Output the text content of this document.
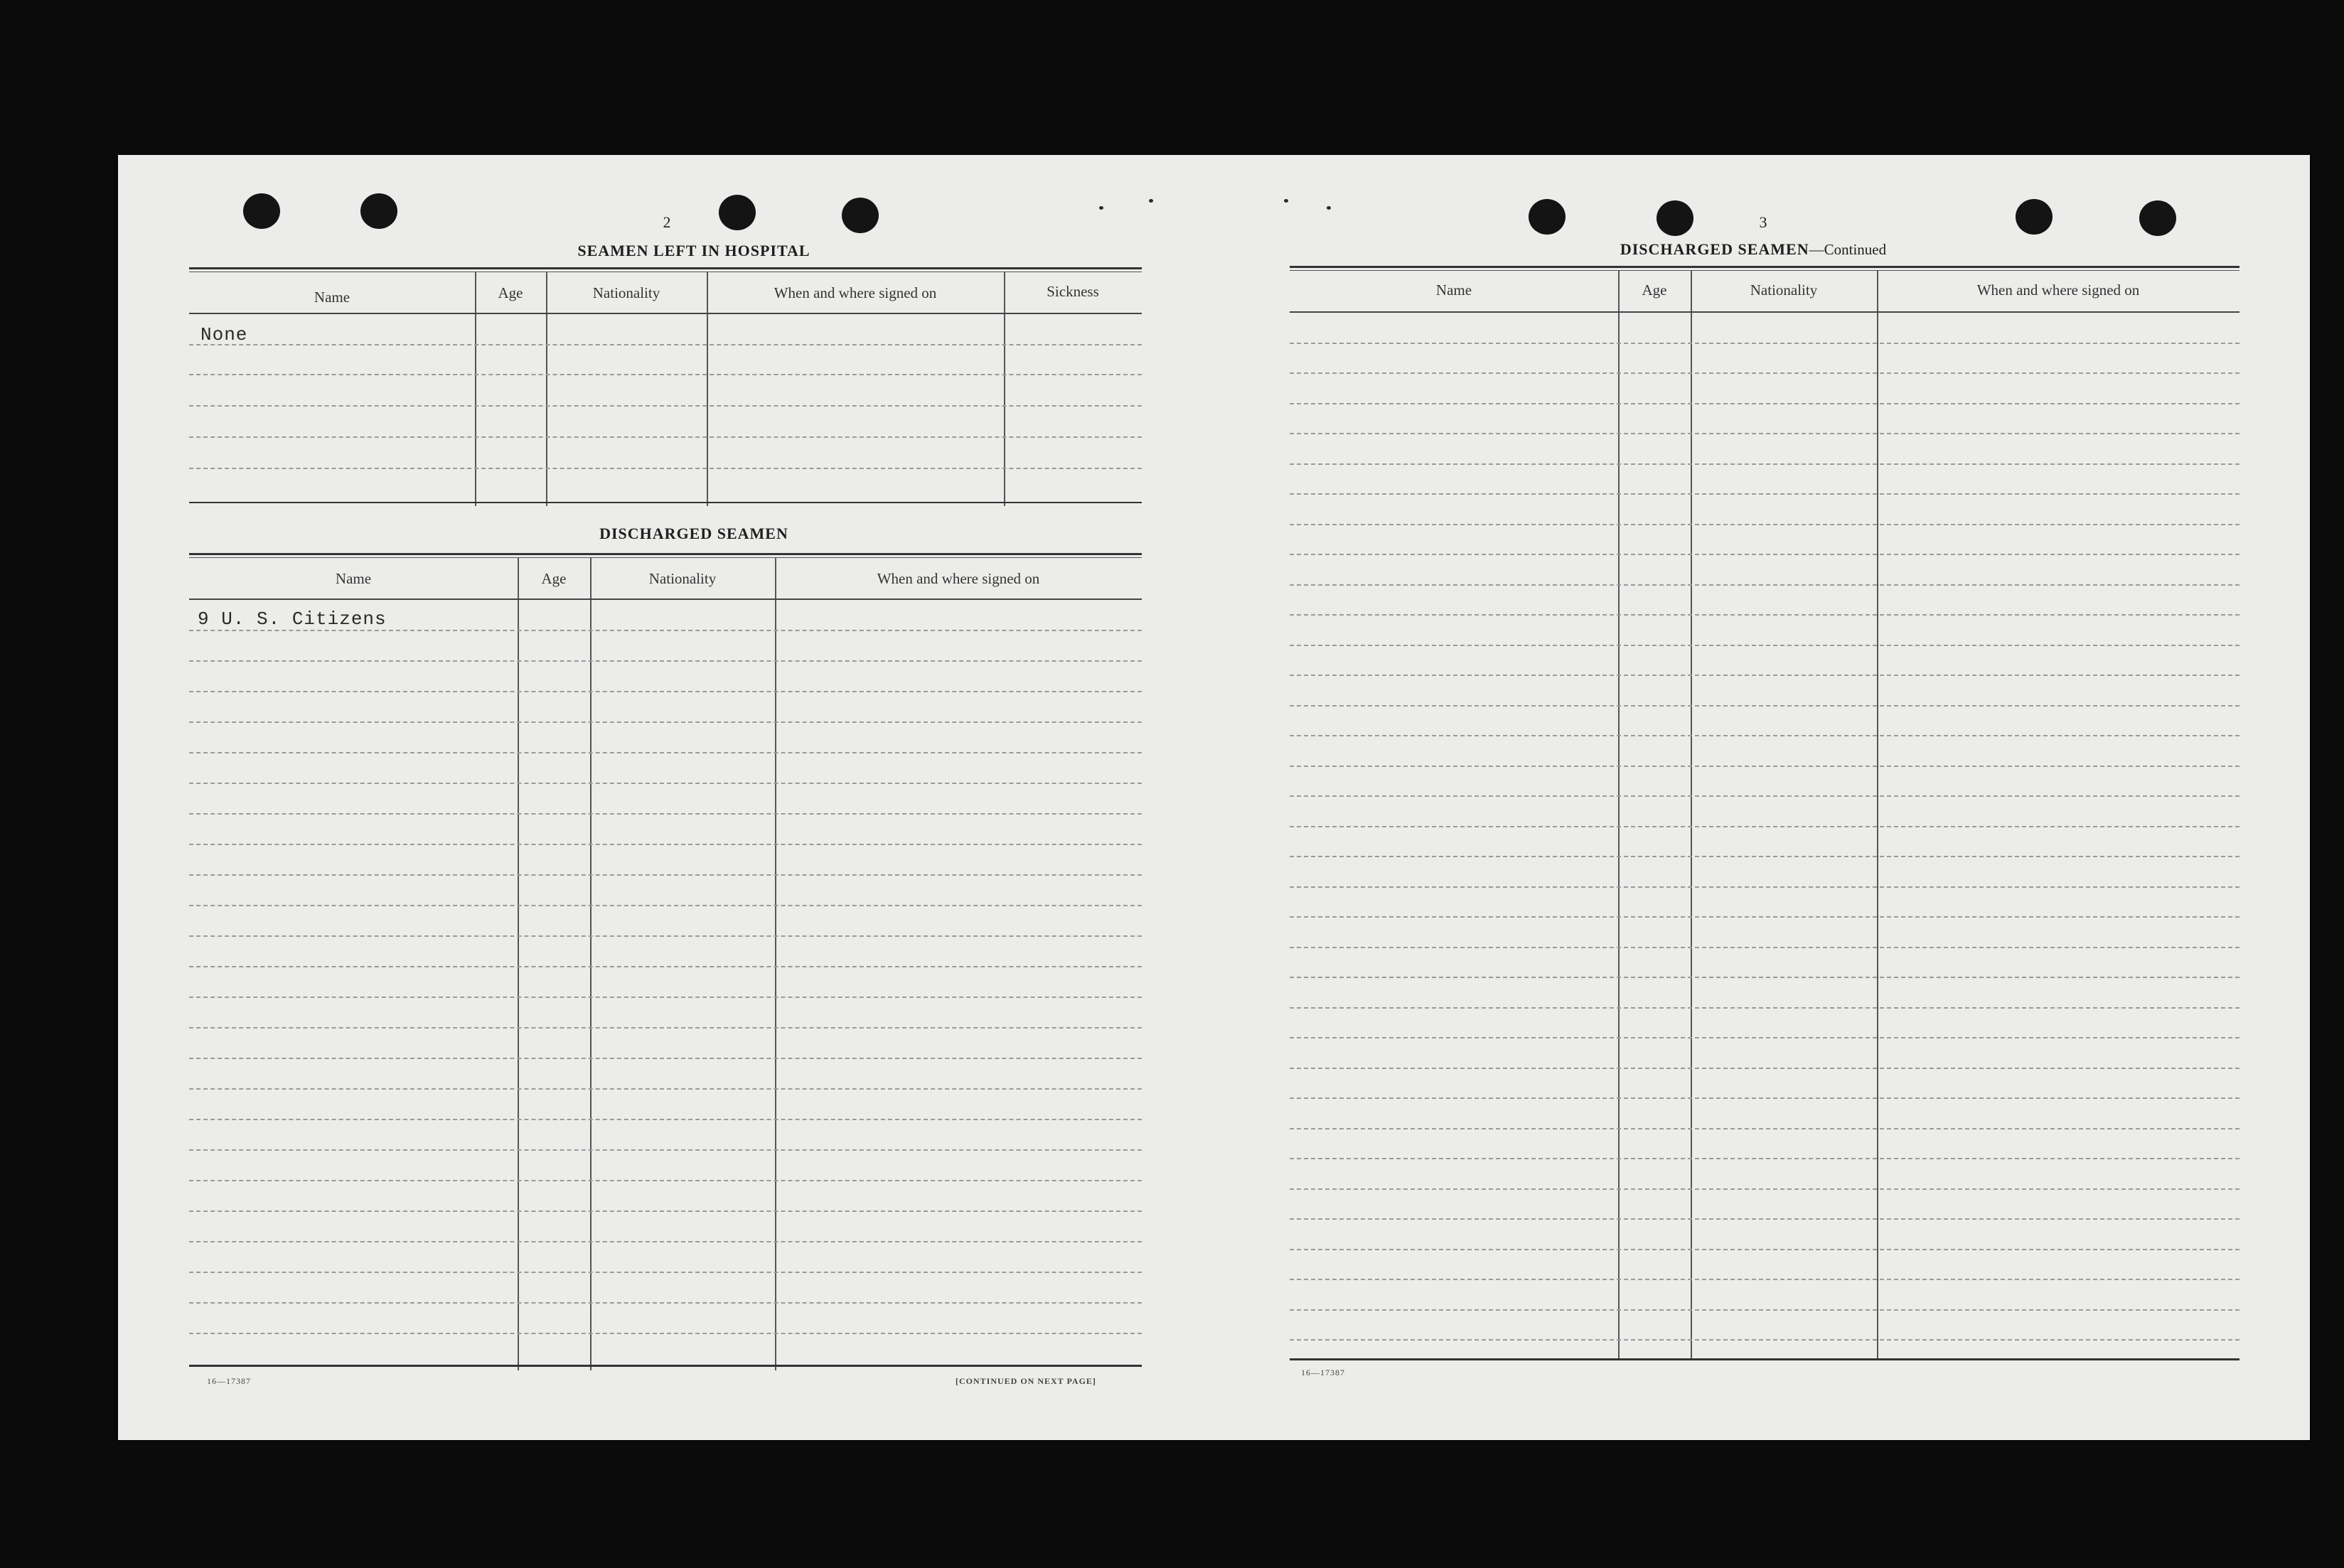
2
SEAMEN LEFT IN HOSPITAL
Name	Age	Nationality	When and where signed on	Sickness
None
DISCHARGED SEAMEN
Name	Age	Nationality	When and where signed on
9 U. S. Citizens
16—17387	[CONTINUED ON NEXT PAGE]
3
DISCHARGED SEAMEN—Continued
Name	Age	Nationality	When and where signed on
16—17387
